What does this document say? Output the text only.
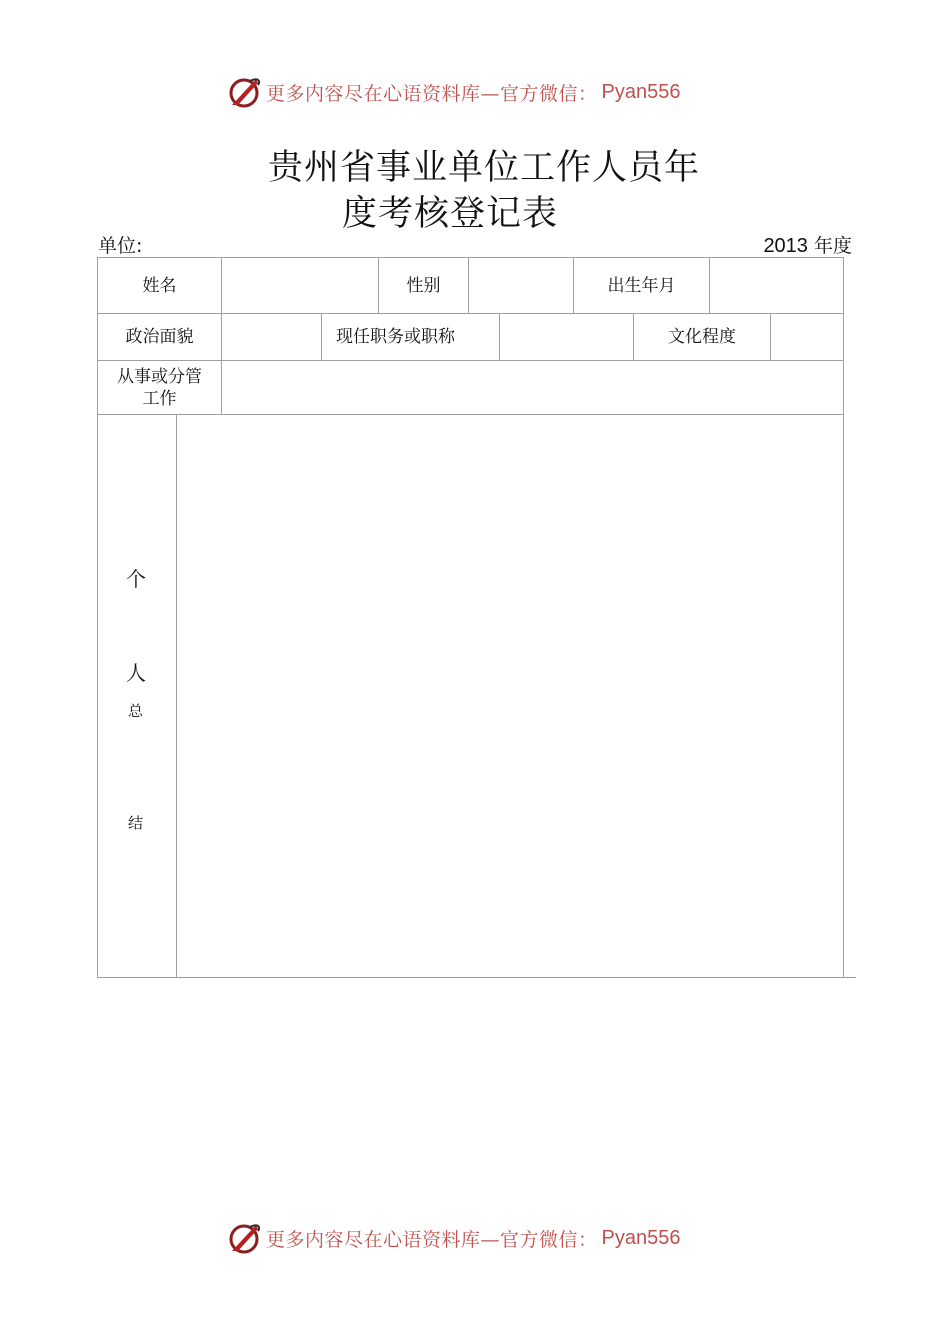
更多内容尽在心语资料库—官方微信： Pyan556
贵州省事业单位工作人员年
度考核登记表
单位:	2013 年度
姓名	性别	出生年月
政治面貌	现任职务或职称	文化程度
从事或分管
工作
个
人
总
结
更多内容尽在心语资料库—官方微信： Pyan556
